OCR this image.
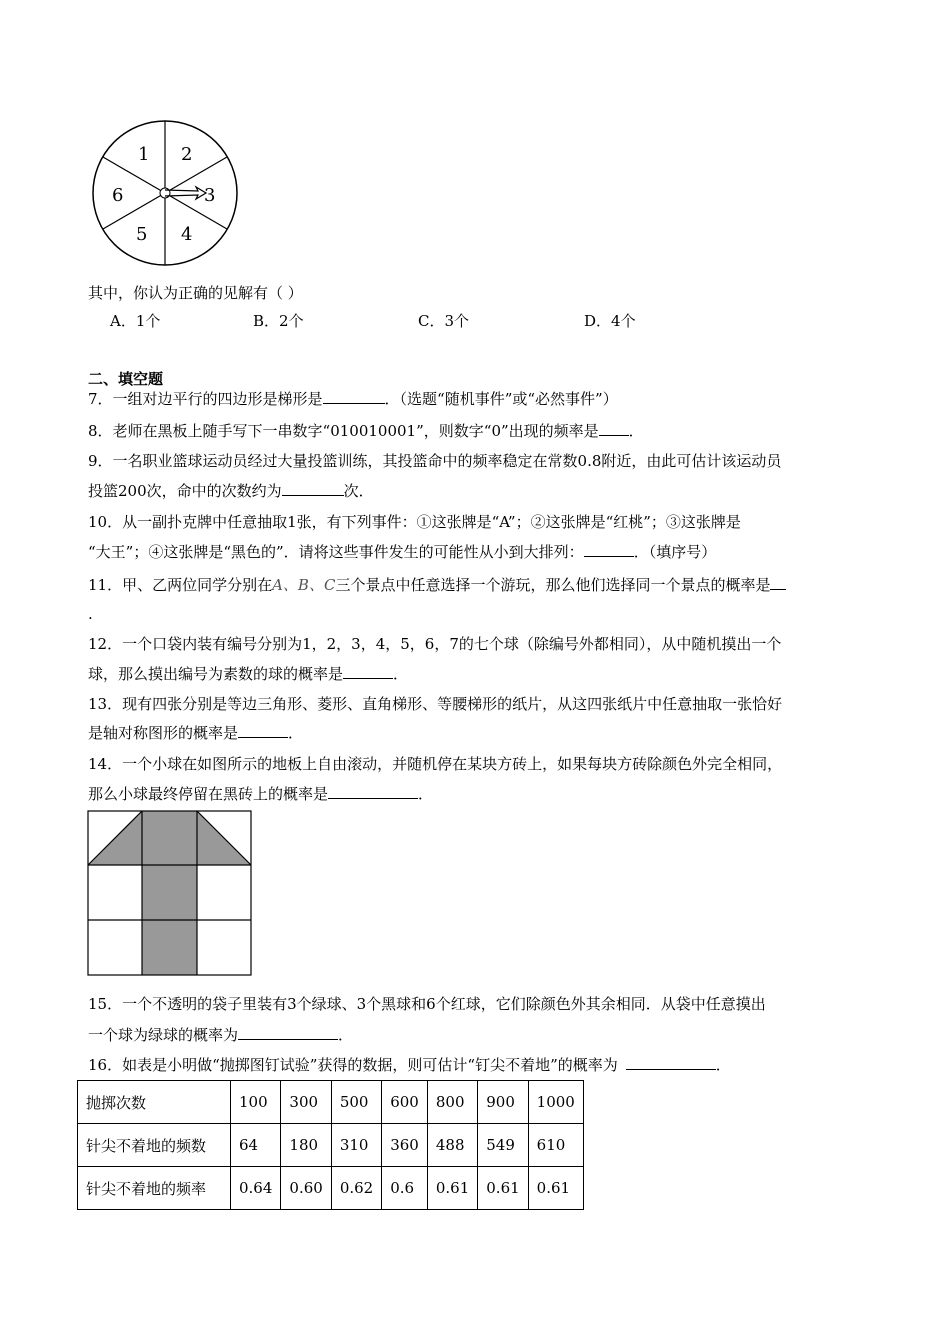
1 2
3
4
5
6
其中，你认为正确的见解有（ ）
A．1个	B．2个	C．3个	D．4个
二、填空题
7．一组对边平行的四边形是梯形是	．（选题“随机事件”或“必然事件”）
8．老师在黑板上随手写下一串数字“010010001”，则数字“0”出现的频率是 ．
9．一名职业篮球运动员经过大量投篮训练，其投篮命中的频率稳定在常数0.8附近，由此可估计该运动员
投篮200次，命中的次数约为	次．
10．从一副扑克牌中任意抽取1张，有下列事件：①这张牌是“A”；②这张牌是“红桃”；③这张牌是
“大王”；④这张牌是“黑色的”．请将这些事件发生的可能性从小到大排列：	．（填序号）
11．甲、乙两位同学分别在A、B、C三个景点中任意选择一个游玩，那么他们选择同一个景点的概率是
.
12．一个口袋内装有编号分别为1，2，3，4，5，6，7的七个球（除编号外都相同），从中随机摸出一个
球，那么摸出编号为素数的球的概率是	．
13．现有四张分别是等边三角形、菱形、直角梯形、等腰梯形的纸片，从这四张纸片中任意抽取一张恰好
是轴对称图形的概率是	．
14．一个小球在如图所示的地板上自由滚动，并随机停在某块方砖上，如果每块方砖除颜色外完全相同，
那么小球最终停留在黑砖上的概率是	．
15．一个不透明的袋子里装有3个绿球、3个黑球和6个红球，它们除颜色外其余相同．从袋中任意摸出
一个球为绿球的概率为	．
16．如表是小明做“抛掷图钉试验”获得的数据，则可估计“钉尖不着地”的概率为	．
抛掷次数	100	300	500	600	800	900	1000
针尖不着地的频数	64	180	310	360	488	549	610
针尖不着地的频率	0.64	0.60	0.62	0.6	0.61	0.61	0.61
